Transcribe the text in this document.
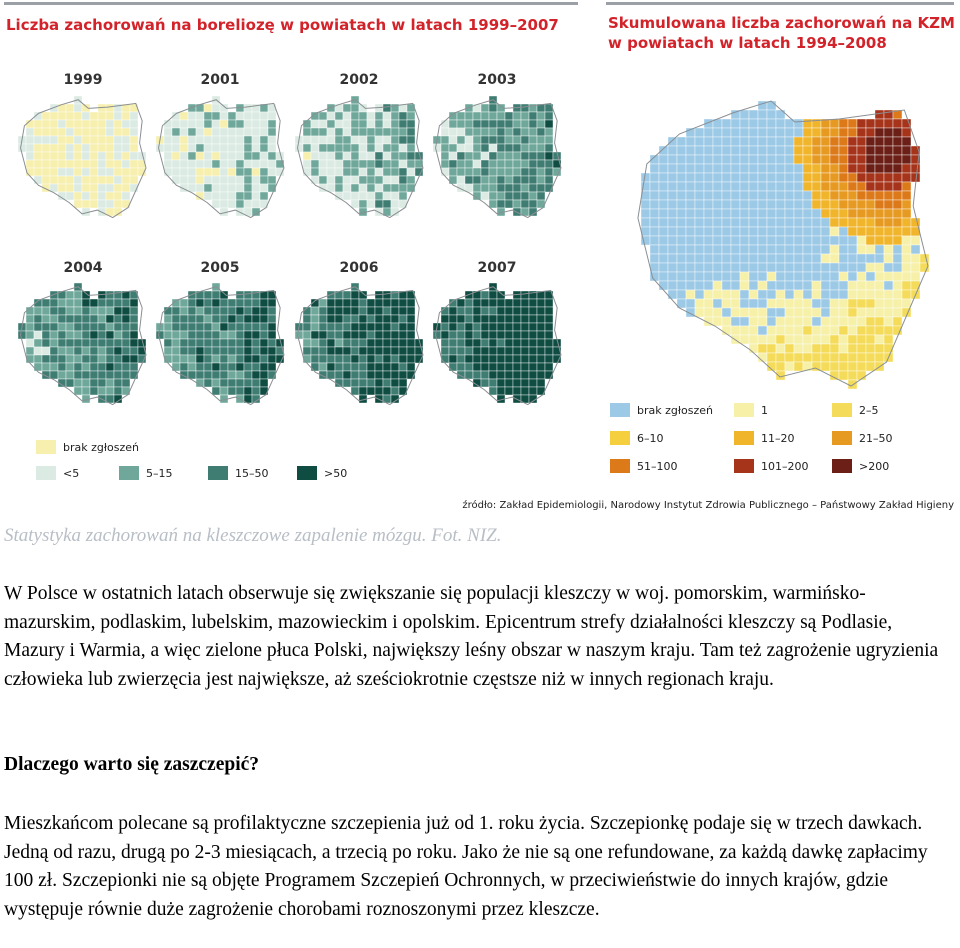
Liczba zachorowań na boreliozę w powiatach w latach 1999–2007	Skumulowana liczba zachorowań na KZM

w powiatach w latach 1994–2008

1999	2001	2002	2003
2004	2005	2006	2007
brak zgłoszeń
<5	5–15	15–50	>50
brak zgłoszeń	1	2–5
6–10	11–20	21–50
51–100	101–200	>200
źródło: Zakład Epidemiologii, Narodowy Instytut Zdrowia Publicznego – Państwowy Zakład Higieny

Statystyka zachorowań na kleszczowe zapalenie mózgu. Fot. NIZ.

W Polsce w ostatnich latach obserwuje się zwiększanie się populacji kleszczy w woj. pomorskim, warmińsko-mazurskim, podlaskim, lubelskim, mazowieckim i opolskim. Epicentrum strefy działalności kleszczy są Podlasie, Mazury i Warmia, a więc zielone płuca Polski, największy leśny obszar w naszym kraju. Tam też zagrożenie ugryzienia człowieka lub zwierzęcia jest największe, aż sześciokrotnie częstsze niż w innych regionach kraju.

Dlaczego warto się zaszczepić?

Mieszkańcom polecane są profilaktyczne szczepienia już od 1. roku życia. Szczepionkę podaje się w trzech dawkach. Jedną od razu, drugą po 2-3 miesiącach, a trzecią po roku. Jako że nie są one refundowane, za każdą dawkę zapłacimy 100 zł. Szczepionki nie są objęte Programem Szczepień Ochronnych, w przeciwieństwie do innych krajów, gdzie występuje równie duże zagrożenie chorobami roznoszonymi przez kleszcze.
